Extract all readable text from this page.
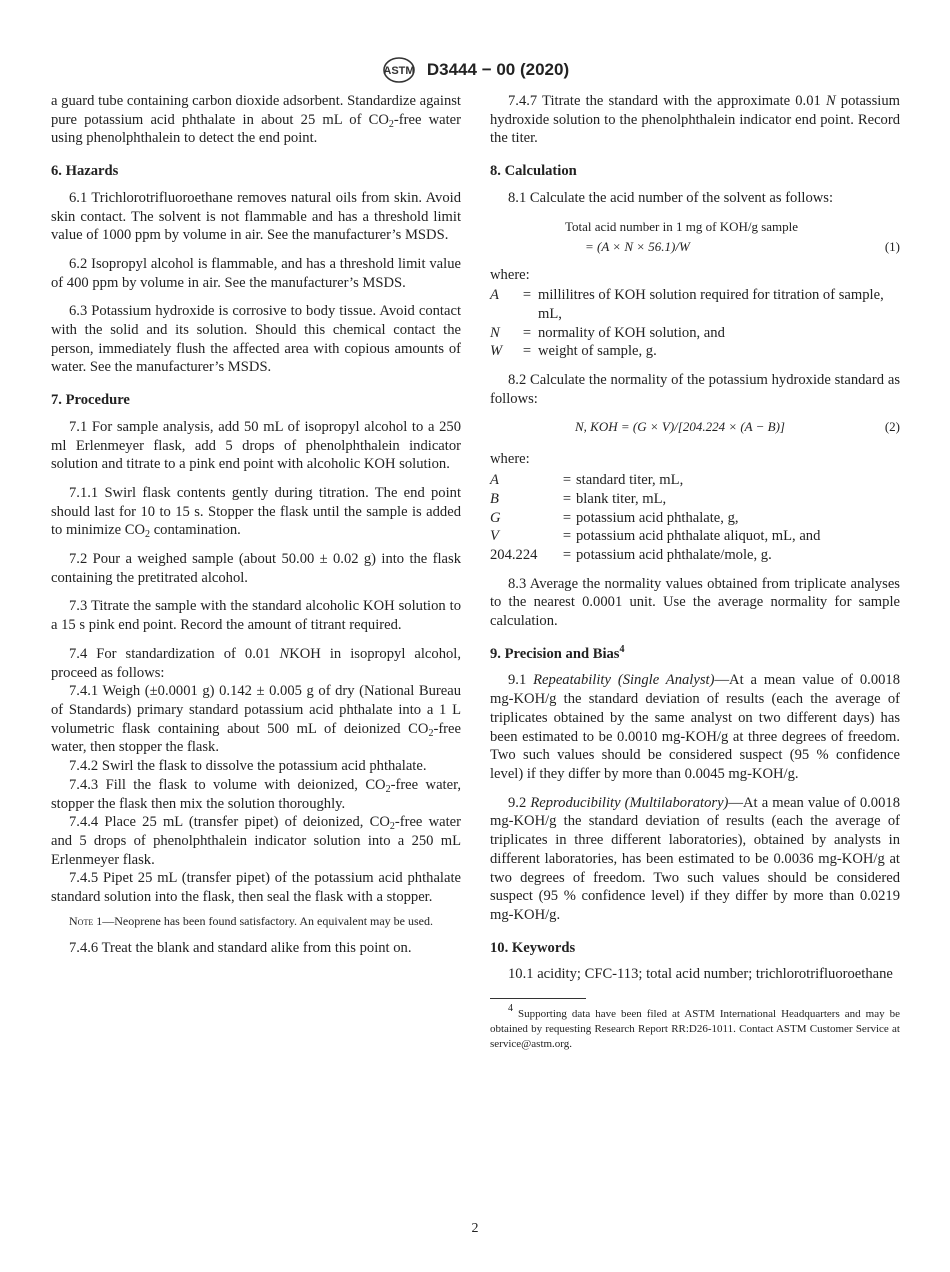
ASTM D3444 − 00 (2020)

a guard tube containing carbon dioxide adsorbent. Standardize against pure potassium acid phthalate in about 25 mL of $CO_2$-free water using phenolphthalein to detect the end point.

6. Hazards

6.1 Trichlorotrifluoroethane removes natural oils from skin. Avoid skin contact. The solvent is not flammable and has a threshold limit value of 1000 ppm by volume in air. See the manufacturer’s MSDS.

6.2 Isopropyl alcohol is flammable, and has a threshold limit value of 400 ppm by volume in air. See the manufacturer’s MSDS.

6.3 Potassium hydroxide is corrosive to body tissue. Avoid contact with the solid and its solution. Should this chemical contact the person, immediately flush the affected area with copious amounts of water. See the manufacturer’s MSDS.

7. Procedure

7.1 For sample analysis, add 50 mL of isopropyl alcohol to a 250 ml Erlenmeyer flask, add 5 drops of phenolphthalein indicator solution and titrate to a pink end point with alcoholic KOH solution.

7.1.1 Swirl flask contents gently during titration. The end point should last for 10 to 15 s. Stopper the flask until the sample is added to minimize $CO_2$ contamination.

7.2 Pour a weighed sample (about 50.00 ± 0.02 g) into the flask containing the pretitrated alcohol.

7.3 Titrate the sample with the standard alcoholic KOH solution to a 15 s pink end point. Record the amount of titrant required.

7.4 For standardization of 0.01 NKOH in isopropyl alcohol, proceed as follows:

7.4.1 Weigh (±0.0001 g) 0.142 ± 0.005 g of dry (National Bureau of Standards) primary standard potassium acid phthalate into a 1 L volumetric flask containing about 500 mL of deionized $CO_2$-free water, then stopper the flask.

7.4.2 Swirl the flask to dissolve the potassium acid phthalate.

7.4.3 Fill the flask to volume with deionized, $CO_2$-free water, stopper the flask then mix the solution thoroughly.

7.4.4 Place 25 mL (transfer pipet) of deionized, $CO_2$-free water and 5 drops of phenolphthalein indicator solution into a 250 mL Erlenmeyer flask.

7.4.5 Pipet 25 mL (transfer pipet) of the potassium acid phthalate standard solution into the flask, then seal the flask with a stopper.

Note 1—Neoprene has been found satisfactory. An equivalent may be used.

7.4.6 Treat the blank and standard alike from this point on.

7.4.7 Titrate the standard with the approximate 0.01 N potassium hydroxide solution to the phenolphthalein indicator end point. Record the titer.

8. Calculation

8.1 Calculate the acid number of the solvent as follows:

Total acid number in 1 mg of KOH/g sample
= (A × N × 56.1)/W	(1)
where:
A	=	millilitres of KOH solution required for titration of sample, mL,
N	=	normality of KOH solution, and
W	=	weight of sample, g.

8.2 Calculate the normality of the potassium hydroxide standard as follows:

N, KOH = (G × V)/[204.224 × (A − B)]	(2)
where:
A	=	standard titer, mL,
B	=	blank titer, mL,
G	=	potassium acid phthalate, g,
V	=	potassium acid phthalate aliquot, mL, and
204.224	=	potassium acid phthalate/mole, g.

8.3 Average the normality values obtained from triplicate analyses to the nearest 0.0001 unit. Use the average normality for sample calculation.

9. Precision and Bias$^4$

9.1 Repeatability (Single Analyst)—At a mean value of 0.0018 mg-KOH/g the standard deviation of results (each the average of triplicates obtained by the same analyst on two different days) has been estimated to be 0.0010 mg-KOH/g at three degrees of freedom. Two such values should be considered suspect (95 % confidence level) if they differ by more than 0.0045 mg-KOH/g.

9.2 Reproducibility (Multilaboratory)—At a mean value of 0.0018 mg-KOH/g the standard deviation of results (each the average of triplicates in three different laboratories), obtained by analysts in different laboratories, has been estimated to be 0.0036 mg-KOH/g at two degrees of freedom. Two such values should be considered suspect (95 % confidence level) if they differ by more than 0.0219 mg-KOH/g.

10. Keywords

10.1 acidity; CFC-113; total acid number; trichlorotrifluoroethane

$^4$ Supporting data have been filed at ASTM International Headquarters and may be obtained by requesting Research Report RR:D26-1011. Contact ASTM Customer Service at service@astm.org.
2
